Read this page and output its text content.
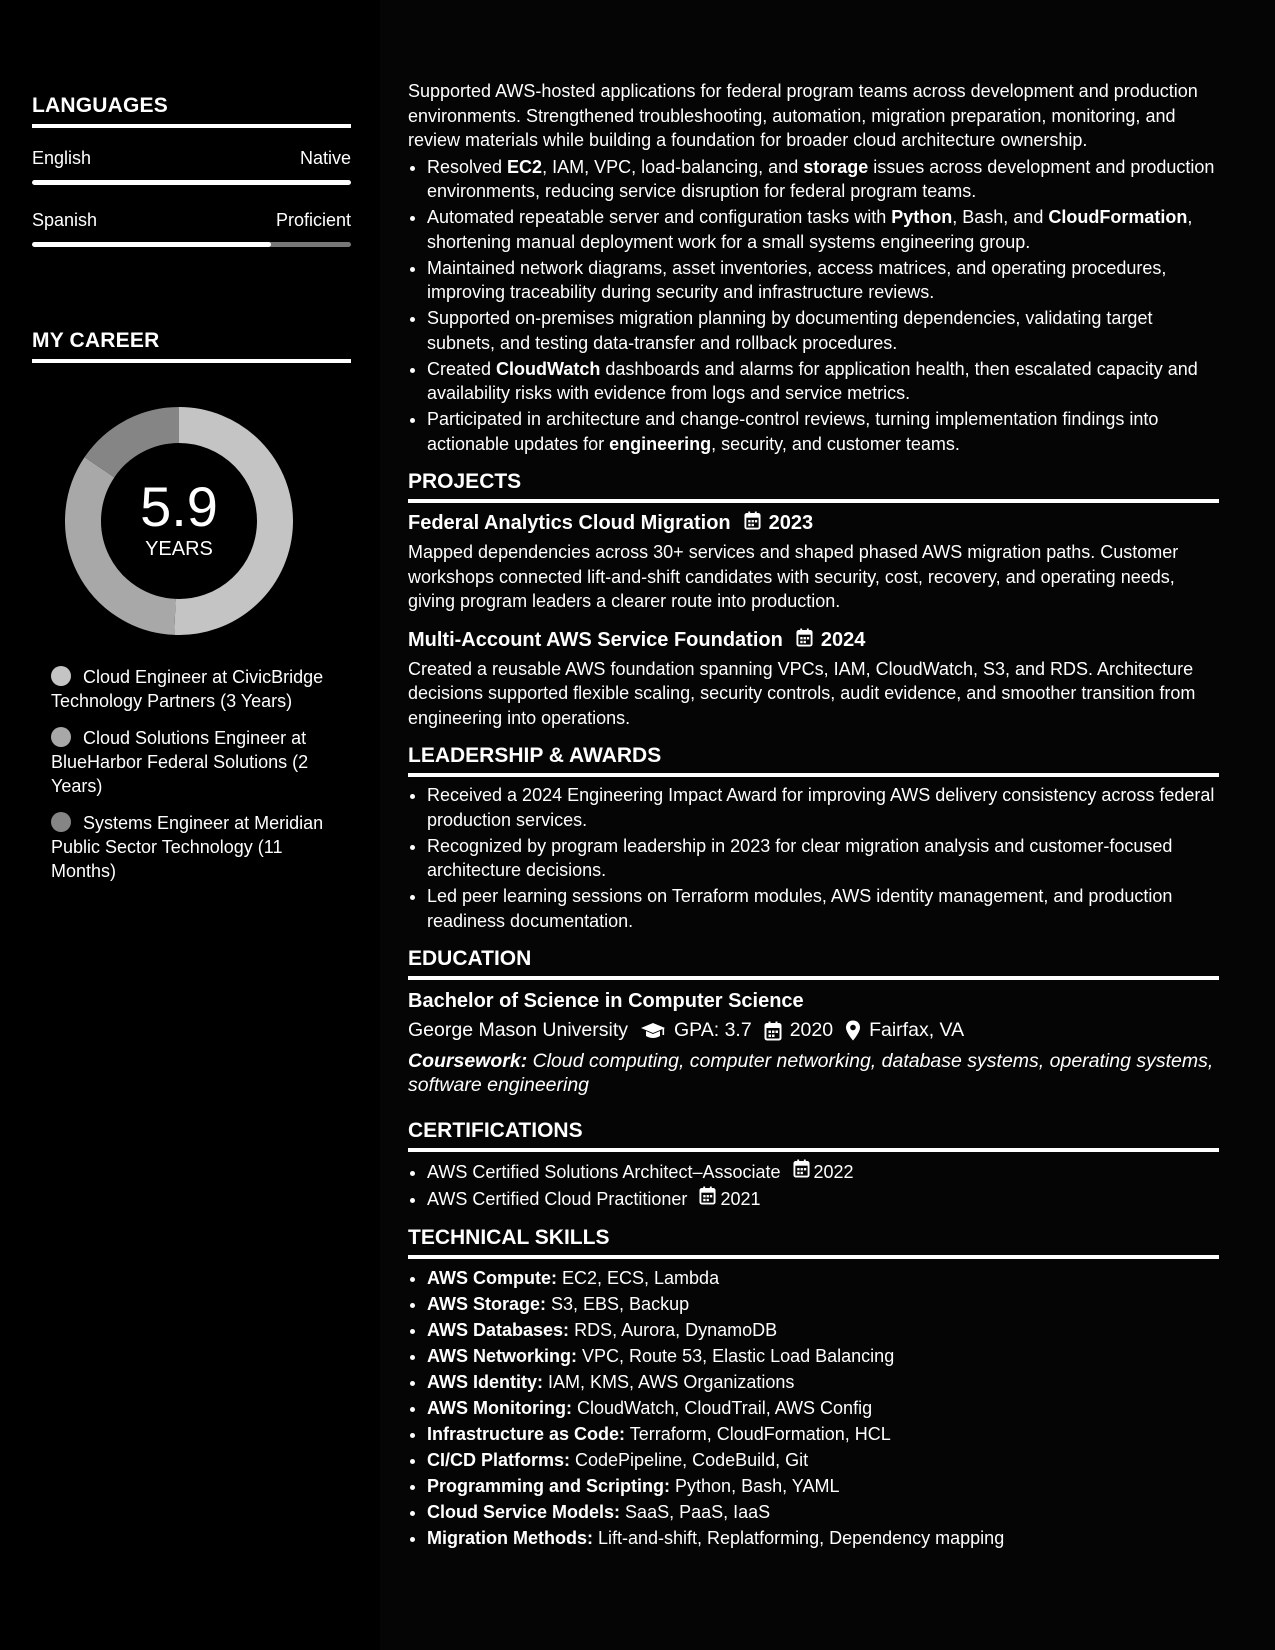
LANGUAGES
English	Native
Spanish	Proficient
MY CAREER
5.9
YEARS
Cloud Engineer at CivicBridge Technology Partners (3 Years)
Cloud Solutions Engineer at BlueHarbor Federal Solutions (2 Years)
Systems Engineer at Meridian Public Sector Technology (11 Months)

Supported AWS-hosted applications for federal program teams across development and production environments. Strengthened troubleshooting, automation, migration preparation, monitoring, and review materials while building a foundation for broader cloud architecture ownership.

• Resolved EC2, IAM, VPC, load-balancing, and storage issues across development and production environments, reducing service disruption for federal program teams.
• Automated repeatable server and configuration tasks with Python, Bash, and CloudFormation, shortening manual deployment work for a small systems engineering group.
• Maintained network diagrams, asset inventories, access matrices, and operating procedures, improving traceability during security and infrastructure reviews.
• Supported on-premises migration planning by documenting dependencies, validating target subnets, and testing data-transfer and rollback procedures.
• Created CloudWatch dashboards and alarms for application health, then escalated capacity and availability risks with evidence from logs and service metrics.
• Participated in architecture and change-control reviews, turning implementation findings into actionable updates for engineering, security, and customer teams.
PROJECTS
Federal Analytics Cloud Migration 2023
Mapped dependencies across 30+ services and shaped phased AWS migration paths. Customer workshops connected lift-and-shift candidates with security, cost, recovery, and operating needs, giving program leaders a clearer route into production.
Multi-Account AWS Service Foundation 2024
Created a reusable AWS foundation spanning VPCs, IAM, CloudWatch, S3, and RDS. Architecture decisions supported flexible scaling, security controls, audit evidence, and smoother transition from engineering into operations.
LEADERSHIP & AWARDS
• Received a 2024 Engineering Impact Award for improving AWS delivery consistency across federal production services.
• Recognized by program leadership in 2023 for clear migration analysis and customer-focused architecture decisions.
• Led peer learning sessions on Terraform modules, AWS identity management, and production readiness documentation.
EDUCATION
Bachelor of Science in Computer Science
George Mason University GPA: 3.7 2020 Fairfax, VA
Coursework: Cloud computing, computer networking, database systems, operating systems, software engineering
CERTIFICATIONS
• AWS Certified Solutions Architect–Associate 2022
• AWS Certified Cloud Practitioner 2021
TECHNICAL SKILLS
• AWS Compute: EC2, ECS, Lambda
• AWS Storage: S3, EBS, Backup
• AWS Databases: RDS, Aurora, DynamoDB
• AWS Networking: VPC, Route 53, Elastic Load Balancing
• AWS Identity: IAM, KMS, AWS Organizations
• AWS Monitoring: CloudWatch, CloudTrail, AWS Config
• Infrastructure as Code: Terraform, CloudFormation, HCL
• CI/CD Platforms: CodePipeline, CodeBuild, Git
• Programming and Scripting: Python, Bash, YAML
• Cloud Service Models: SaaS, PaaS, IaaS
• Migration Methods: Lift-and-shift, Replatforming, Dependency mapping
